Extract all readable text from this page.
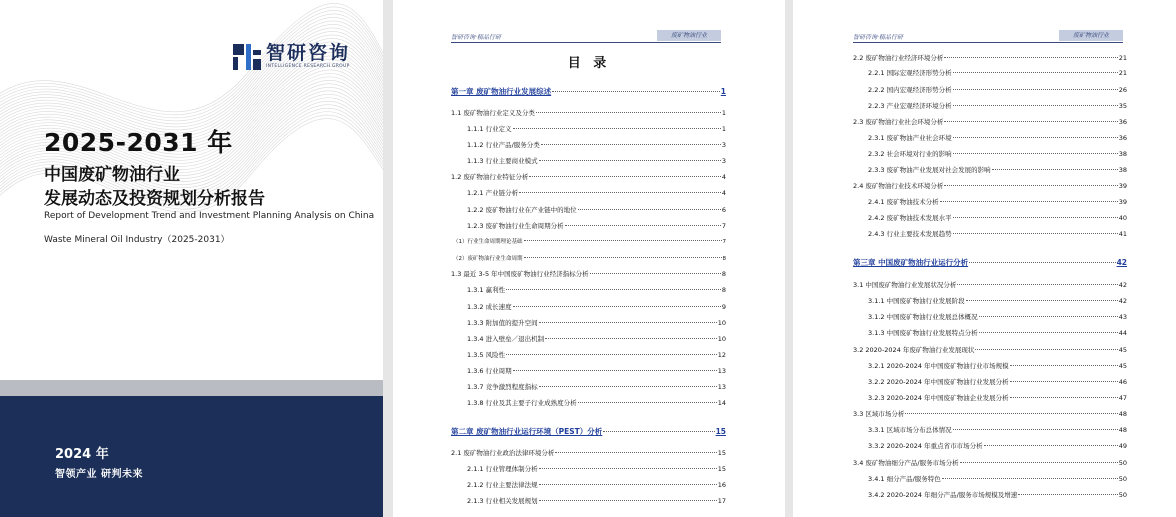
智研咨询
INTELLIGENCE RESEARCH GROUP
2025-2031 年
中国废矿物油行业
发展动态及投资规划分析报告
Report of Development Trend and Investment Planning Analysis on China
Waste Mineral Oil Industry（2025-2031）
2024 年
智领产业 研判未来
智研咨询·精品行研	废矿物油行业
目 录
第一章 废矿物油行业发展综述	1
1.1 废矿物油行业定义及分类	1
1.1.1 行业定义	1
1.1.2 行业产品/服务分类	3
1.1.3 行业主要商业模式	3
1.2 废矿物油行业特征分析	4
1.2.1 产业链分析	4
1.2.2 废矿物油行业在产业链中的地位	6
1.2.3 废矿物油行业生命周期分析	7
（1）行业生命周期理论基础	7
（2）废矿物油行业生命周期	8
1.3 最近 3-5 年中国废矿物油行业经济指标分析	8
1.3.1 赢利性	8
1.3.2 成长速度	9
1.3.3 附加值的提升空间	10
1.3.4 进入壁垒／退出机制	10
1.3.5 风险性	12
1.3.6 行业周期	13
1.3.7 竞争激烈程度指标	13
1.3.8 行业及其主要子行业成熟度分析	14
第二章 废矿物油行业运行环境（PEST）分析	15
2.1 废矿物油行业政治法律环境分析	15
2.1.1 行业管理体制分析	15
2.1.2 行业主要法律法规	16
2.1.3 行业相关发展规划	17
智研咨询·精品行研	废矿物油行业
2.2 废矿物油行业经济环境分析	21
2.2.1 国际宏观经济形势分析	21
2.2.2 国内宏观经济形势分析	26
2.2.3 产业宏观经济环境分析	35
2.3 废矿物油行业社会环境分析	36
2.3.1 废矿物油产业社会环境	36
2.3.2 社会环境对行业的影响	38
2.3.3 废矿物油产业发展对社会发展的影响	38
2.4 废矿物油行业技术环境分析	39
2.4.1 废矿物油技术分析	39
2.4.2 废矿物油技术发展水平	40
2.4.3 行业主要技术发展趋势	41
第三章 中国废矿物油行业运行分析	42
3.1 中国废矿物油行业发展状况分析	42
3.1.1 中国废矿物油行业发展阶段	42
3.1.2 中国废矿物油行业发展总体概况	43
3.1.3 中国废矿物油行业发展特点分析	44
3.2 2020-2024 年废矿物油行业发展现状	45
3.2.1 2020-2024 年中国废矿物油行业市场规模	45
3.2.2 2020-2024 年中国废矿物油行业发展分析	46
3.2.3 2020-2024 年中国废矿物油企业发展分析	47
3.3 区域市场分析	48
3.3.1 区域市场分布总体情况	48
3.3.2 2020-2024 年重点省市市场分析	49
3.4 废矿物油细分产品/服务市场分析	50
3.4.1 细分产品/服务特色	50
3.4.2 2020-2024 年细分产品/服务市场规模及增速	50
